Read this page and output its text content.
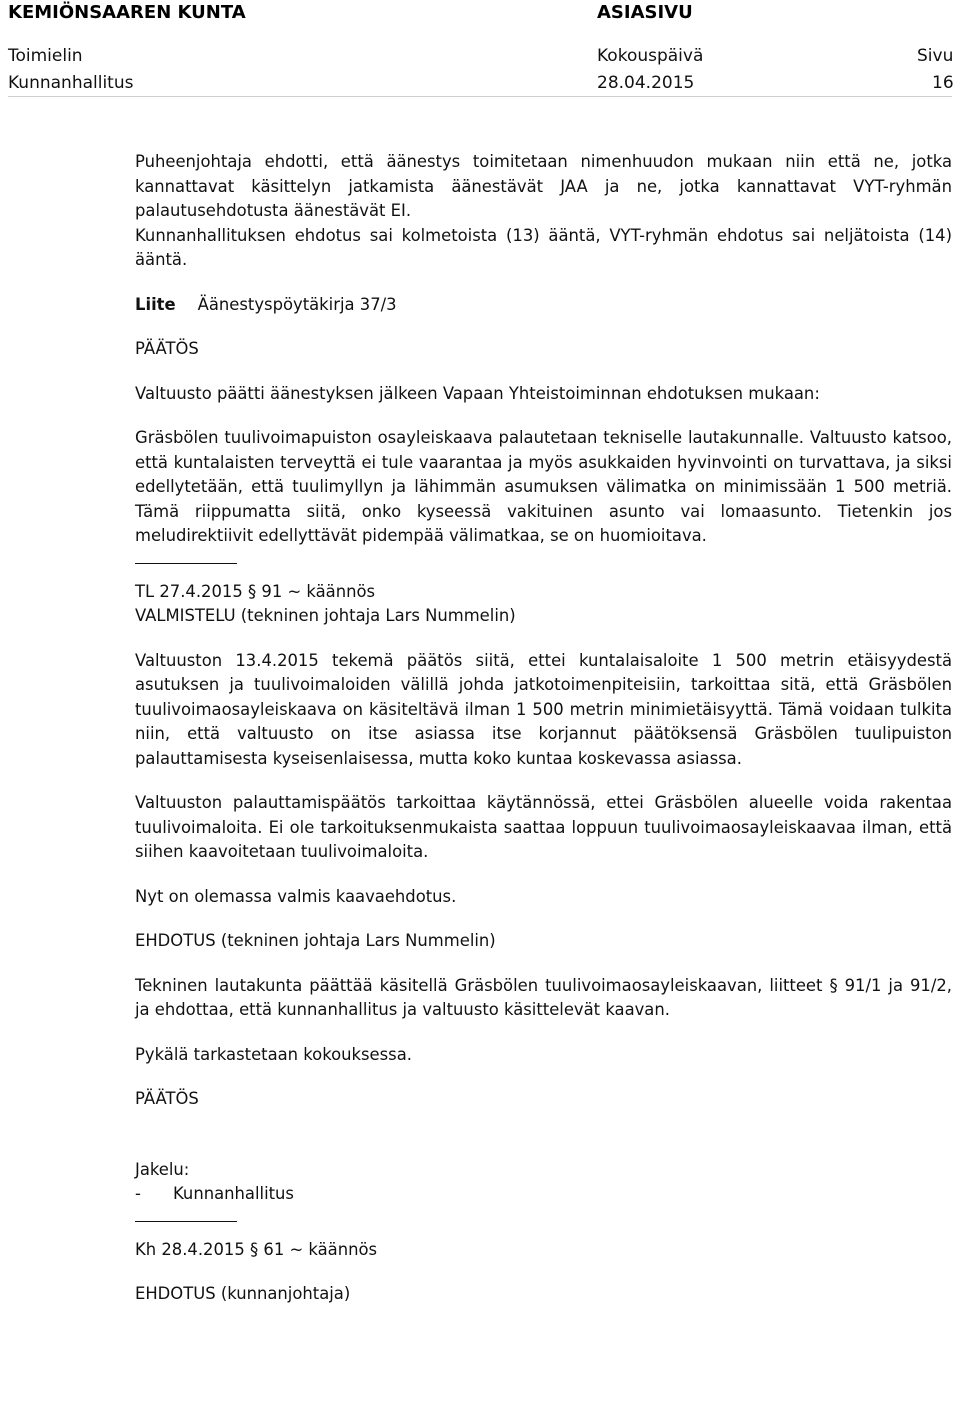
KEMIÖNSAAREN KUNTA	ASIASIVU
Toimielin	Kokouspäivä	Sivu
Kunnanhallitus	28.04.2015	16

Puheenjohtaja ehdotti, että äänestys toimitetaan nimenhuudon mukaan niin että ne, jotka kannattavat käsittelyn jatkamista äänestävät JAA ja ne, jotka kannattavat VYT-ryhmän palautusehdotusta äänestävät EI.

Kunnanhallituksen ehdotus sai kolmetoista (13) ääntä, VYT-ryhmän ehdotus sai neljätoista (14) ääntä.

Liite Äänestyspöytäkirja 37/3

PÄÄTÖS

Valtuusto päätti äänestyksen jälkeen Vapaan Yhteistoiminnan ehdotuksen mukaan:

Gräsbölen tuulivoimapuiston osayleiskaava palautetaan tekniselle lautakunnalle. Valtuusto katsoo, että kuntalaisten terveyttä ei tule vaarantaa ja myös asukkaiden hyvinvointi on turvattava, ja siksi edellytetään, että tuulimyllyn ja lähimmän asumuksen välimatka on minimissään 1 500 metriä. Tämä riippumatta siitä, onko kyseessä vakituinen asunto vai lomaasunto. Tietenkin jos meludirektiivit edellyttävät pidempää välimatkaa, se on huomioitava.

TL 27.4.2015 § 91 ~ käännös

VALMISTELU (tekninen johtaja Lars Nummelin)

Valtuuston 13.4.2015 tekemä päätös siitä, ettei kuntalaisaloite 1 500 metrin etäisyydestä asutuksen ja tuulivoimaloiden välillä johda jatkotoimenpiteisiin, tarkoittaa sitä, että Gräsbölen tuulivoimaosayleiskaava on käsiteltävä ilman 1 500 metrin minimietäisyyttä. Tämä voidaan tulkita niin, että valtuusto on itse asiassa itse korjannut päätöksensä Gräsbölen tuulipuiston palauttamisesta kyseisenlaisessa, mutta koko kuntaa koskevassa asiassa.

Valtuuston palauttamispäätös tarkoittaa käytännössä, ettei Gräsbölen alueelle voida rakentaa tuulivoimaloita. Ei ole tarkoituksenmukaista saattaa loppuun tuulivoimaosayleiskaavaa ilman, että siihen kaavoitetaan tuulivoimaloita.

Nyt on olemassa valmis kaavaehdotus.

EHDOTUS (tekninen johtaja Lars Nummelin)

Tekninen lautakunta päättää käsitellä Gräsbölen tuulivoimaosayleiskaavan, liitteet § 91/1 ja 91/2, ja ehdottaa, että kunnanhallitus ja valtuusto käsittelevät kaavan.

Pykälä tarkastetaan kokouksessa.

PÄÄTÖS

Jakelu:

- Kunnanhallitus

Kh 28.4.2015 § 61 ~ käännös

EHDOTUS (kunnanjohtaja)
